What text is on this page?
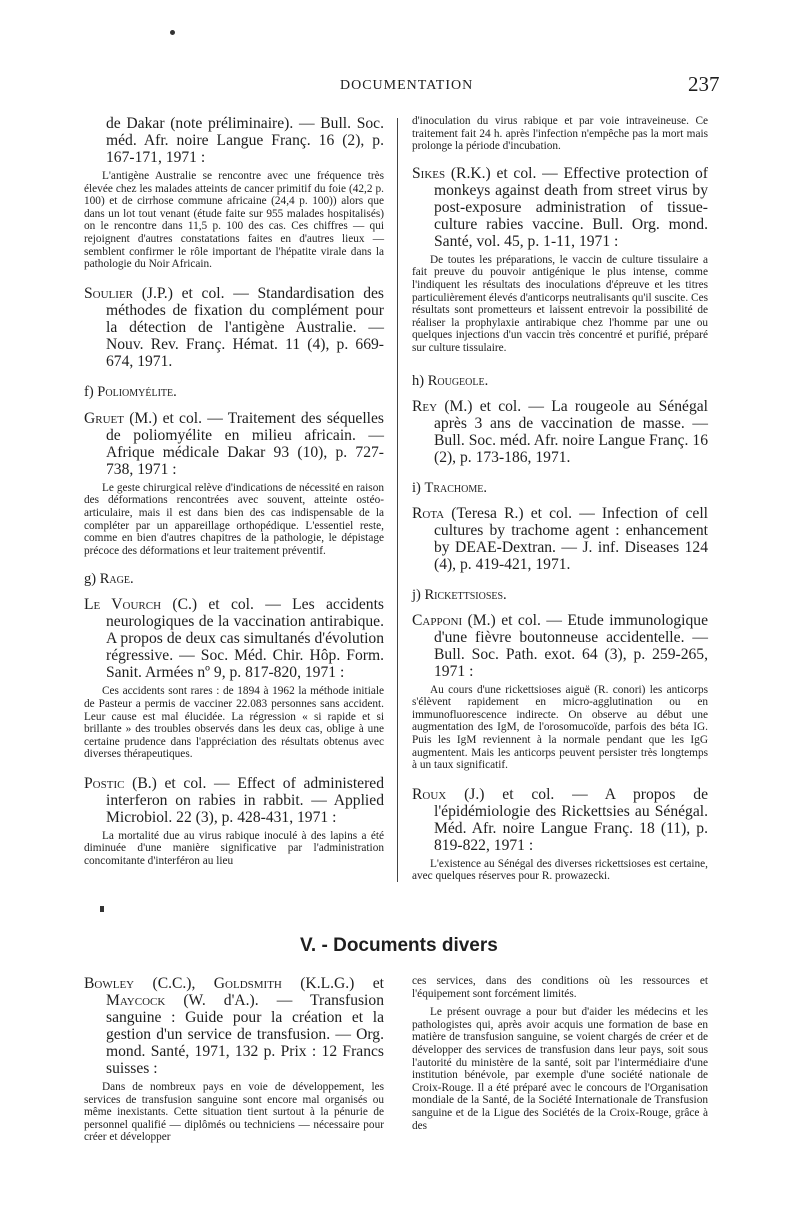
DOCUMENTATION	237

de Dakar (note préliminaire). — Bull. Soc. méd. Afr. noire Langue Franç. 16 (2), p. 167-171, 1971 :

L'antigène Australie se rencontre avec une fréquence très élevée chez les malades atteints de cancer primitif du foie (42,2 p. 100) et de cirrhose commune africaine (24,4 p. 100)) alors que dans un lot tout venant (étude faite sur 955 malades hospitalisés) on le rencontre dans 11,5 p. 100 des cas. Ces chiffres — qui rejoignent d'autres constatations faites en d'autres lieux — semblent confirmer le rôle important de l'hépatite virale dans la pathologie du Noir Africain.

Soulier (J.P.) et col. — Standardisation des méthodes de fixation du complément pour la détection de l'antigène Australie. — Nouv. Rev. Franç. Hémat. 11 (4), p. 669-674, 1971.

f) Poliomyélite.

Gruet (M.) et col. — Traitement des séquelles de poliomyélite en milieu africain. — Afrique médicale Dakar 93 (10), p. 727-738, 1971 :

Le geste chirurgical relève d'indications de nécessité en raison des déformations rencontrées avec souvent, atteinte ostéo-articulaire, mais il est dans bien des cas indispensable de la compléter par un appareillage orthopédique. L'essentiel reste, comme en bien d'autres chapitres de la pathologie, le dépistage précoce des déformations et leur traitement préventif.

g) Rage.

Le Vourch (C.) et col. — Les accidents neurologiques de la vaccination antirabique. A propos de deux cas simultanés d'évolution régressive. — Soc. Méd. Chir. Hôp. Form. Sanit. Armées nº 9, p. 817-820, 1971 :

Ces accidents sont rares : de 1894 à 1962 la méthode initiale de Pasteur a permis de vacciner 22.083 personnes sans accident. Leur cause est mal élucidée. La régression « si rapide et si brillante » des troubles observés dans les deux cas, oblige à une certaine prudence dans l'appréciation des résultats obtenus avec diverses thérapeutiques.

Postic (B.) et col. — Effect of administered interferon on rabies in rabbit. — Applied Microbiol. 22 (3), p. 428-431, 1971 :

La mortalité due au virus rabique inoculé à des lapins a été diminuée d'une manière significative par l'administration concomitante d'interféron au lieu

d'inoculation du virus rabique et par voie intraveineuse. Ce traitement fait 24 h. après l'infection n'empêche pas la mort mais prolonge la période d'incubation.

Sikes (R.K.) et col. — Effective protection of monkeys against death from street virus by post-exposure administration of tissue-culture rabies vaccine. Bull. Org. mond. Santé, vol. 45, p. 1-11, 1971 :

De toutes les préparations, le vaccin de culture tissulaire a fait preuve du pouvoir antigénique le plus intense, comme l'indiquent les résultats des inoculations d'épreuve et les titres particulièrement élevés d'anticorps neutralisants qu'il suscite. Ces résultats sont prometteurs et laissent entrevoir la possibilité de réaliser la prophylaxie antirabique chez l'homme par une ou quelques injections d'un vaccin très concentré et purifié, préparé sur culture tissulaire.

h) Rougeole.

Rey (M.) et col. — La rougeole au Sénégal après 3 ans de vaccination de masse. — Bull. Soc. méd. Afr. noire Langue Franç. 16 (2), p. 173-186, 1971.

i) Trachome.

Rota (Teresa R.) et col. — Infection of cell cultures by trachome agent : enhancement by DEAE-Dextran. — J. inf. Diseases 124 (4), p. 419-421, 1971.

j) Rickettsioses.

Capponi (M.) et col. — Etude immunologique d'une fièvre boutonneuse accidentelle. — Bull. Soc. Path. exot. 64 (3), p. 259-265, 1971 :

Au cours d'une rickettsioses aiguë (R. conori) les anticorps s'élèvent rapidement en micro-agglutination ou en immunofluorescence indirecte. On observe au début une augmentation des IgM, de l'orosomucoïde, parfois des béta IG. Puis les IgM reviennent à la normale pendant que les IgG augmentent. Mais les anticorps peuvent persister très longtemps à un taux significatif.

Roux (J.) et col. — A propos de l'épidémiologie des Rickettsies au Sénégal. Méd. Afr. noire Langue Franç. 18 (11), p. 819-822, 1971 :

L'existence au Sénégal des diverses rickettsioses est certaine, avec quelques réserves pour R. prowazecki.

V. - Documents divers

Bowley (C.C.), Goldsmith (K.L.G.) et Maycock (W. d'A.). — Transfusion sanguine : Guide pour la création et la gestion d'un service de transfusion. — Org. mond. Santé, 1971, 132 p. Prix : 12 Francs suisses :

Dans de nombreux pays en voie de développement, les services de transfusion sanguine sont encore mal organisés ou même inexistants. Cette situation tient surtout à la pénurie de personnel qualifié — diplômés ou techniciens — nécessaire pour créer et développer

ces services, dans des conditions où les ressources et l'équipement sont forcément limités.

Le présent ouvrage a pour but d'aider les médecins et les pathologistes qui, après avoir acquis une formation de base en matière de transfusion sanguine, se voient chargés de créer et de développer des services de transfusion dans leur pays, soit sous l'autorité du ministère de la santé, soit par l'intermédiaire d'une institution bénévole, par exemple d'une société nationale de Croix-Rouge. Il a été préparé avec le concours de l'Organisation mondiale de la Santé, de la Société Internationale de Transfusion sanguine et de la Ligue des Sociétés de la Croix-Rouge, grâce à des
